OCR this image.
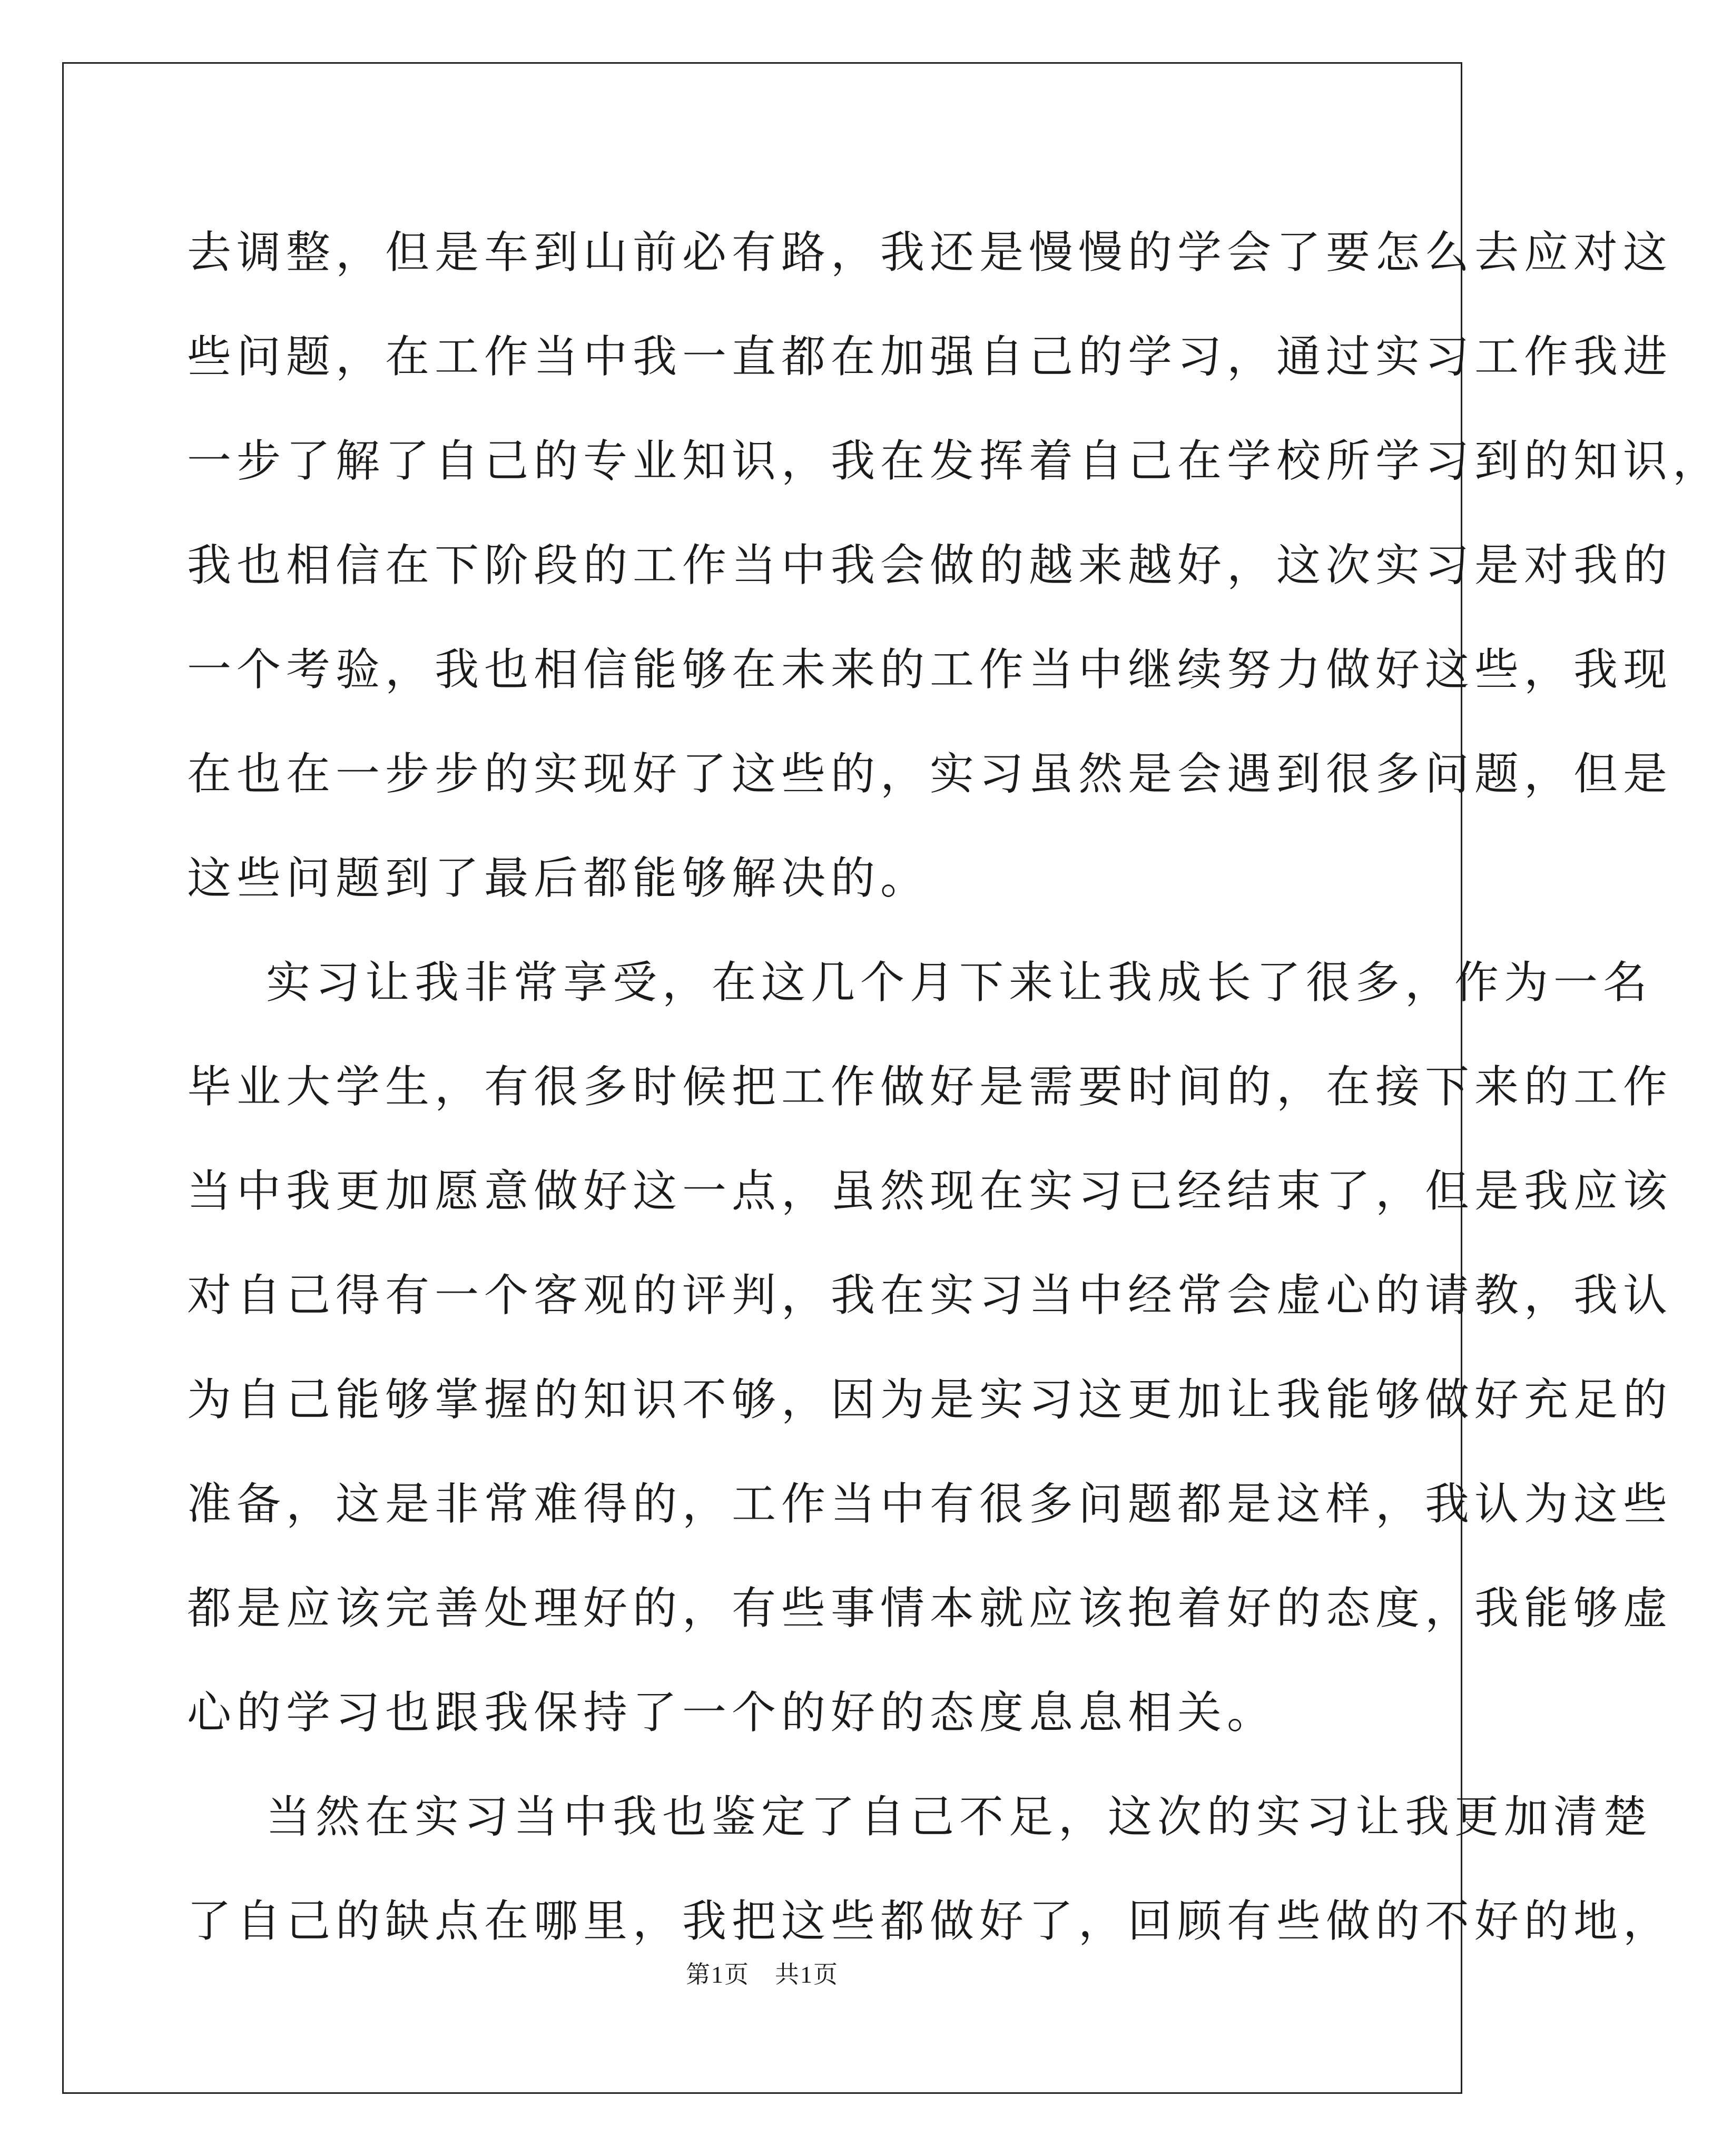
去调整，但是车到山前必有路，我还是慢慢的学会了要怎么去应对这
些问题，在工作当中我一直都在加强自己的学习，通过实习工作我进
一步了解了自己的专业知识，我在发挥着自己在学校所学习到的知识，
我也相信在下阶段的工作当中我会做的越来越好，这次实习是对我的
一个考验，我也相信能够在未来的工作当中继续努力做好这些，我现
在也在一步步的实现好了这些的，实习虽然是会遇到很多问题，但是
这些问题到了最后都能够解决的。
实习让我非常享受，在这几个月下来让我成长了很多，作为一名
毕业大学生，有很多时候把工作做好是需要时间的，在接下来的工作
当中我更加愿意做好这一点，虽然现在实习已经结束了，但是我应该
对自己得有一个客观的评判，我在实习当中经常会虚心的请教，我认
为自己能够掌握的知识不够，因为是实习这更加让我能够做好充足的
准备，这是非常难得的，工作当中有很多问题都是这样，我认为这些
都是应该完善处理好的，有些事情本就应该抱着好的态度，我能够虚
心的学习也跟我保持了一个的好的态度息息相关。
当然在实习当中我也鉴定了自己不足，这次的实习让我更加清楚
了自己的缺点在哪里，我把这些都做好了，回顾有些做的不好的地，
第1页 共1页
